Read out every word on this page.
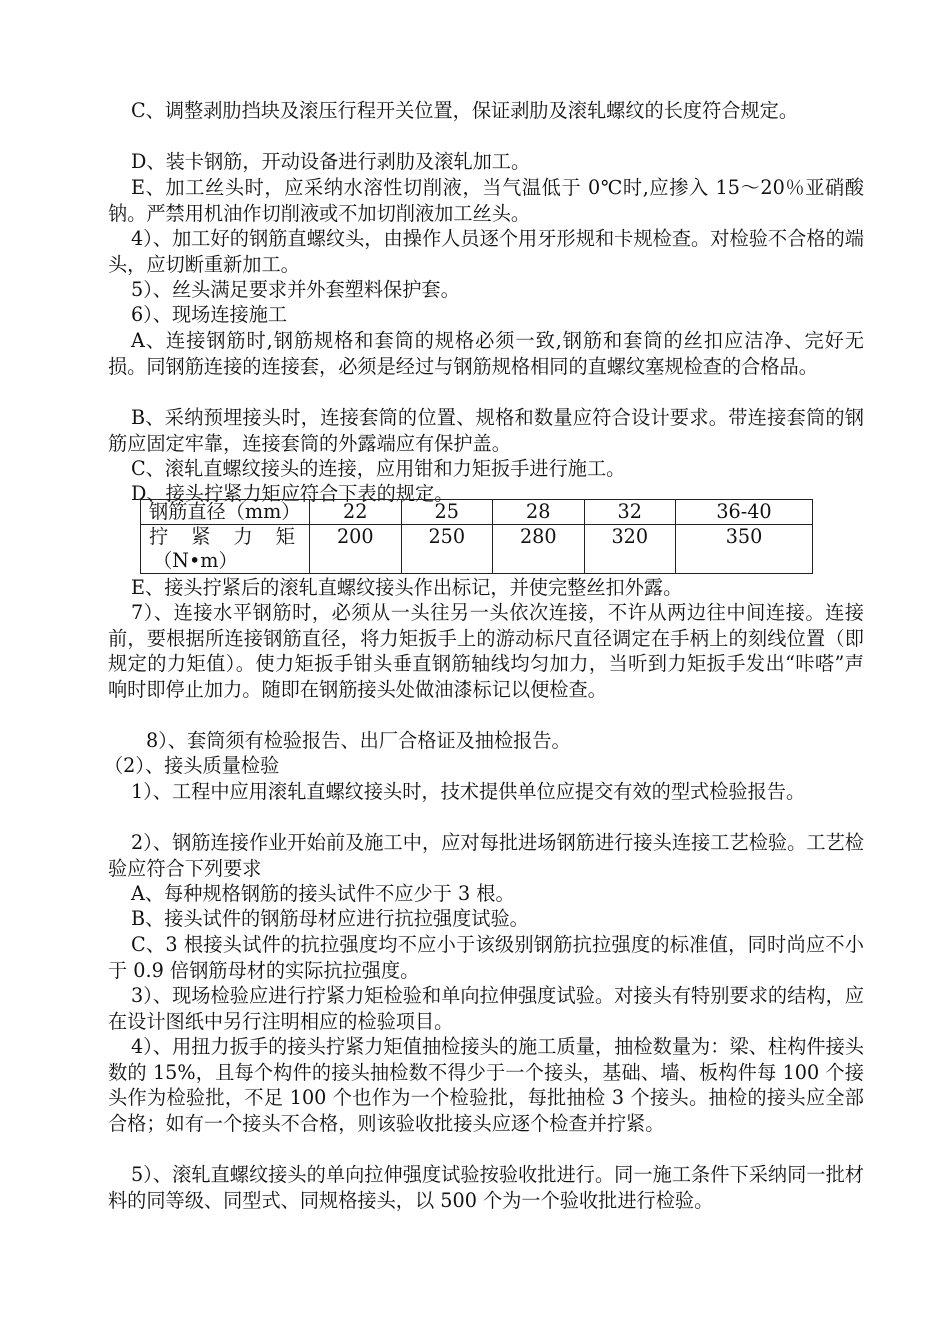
C、调整剥肋挡块及滚压行程开关位置，保证剥肋及滚轧螺纹的长度符合规定。
D、装卡钢筋，开动设备进行剥肋及滚轧加工。
E、加工丝头时，应采纳水溶性切削液，当气温低于 0℃时,应掺入 15～20％亚硝酸钠。严禁用机油作切削液或不加切削液加工丝头。
4）、加工好的钢筋直螺纹头，由操作人员逐个用牙形规和卡规检查。对检验不合格的端头，应切断重新加工。
5）、丝头满足要求并外套塑料保护套。
6）、现场连接施工
A、连接钢筋时,钢筋规格和套筒的规格必须一致,钢筋和套筒的丝扣应洁净、完好无损。同钢筋连接的连接套，必须是经过与钢筋规格相同的直螺纹塞规检查的合格品。
B、采纳预埋接头时，连接套筒的位置、规格和数量应符合设计要求。带连接套筒的钢筋应固定牢靠，连接套筒的外露端应有保护盖。
C、滚轧直螺纹接头的连接，应用钳和力矩扳手进行施工。
D、接头拧紧力矩应符合下表的规定。
钢筋直径（mm）	22	25	28	32	36-40

拧 紧 力 矩
（N•m）	200	250	280	320	350
E、接头拧紧后的滚轧直螺纹接头作出标记，并使完整丝扣外露。
7）、连接水平钢筋时，必须从一头往另一头依次连接，不许从两边往中间连接。连接前，要根据所连接钢筋直径，将力矩扳手上的游动标尺直径调定在手柄上的刻线位置（即规定的力矩值）。使力矩扳手钳头垂直钢筋轴线均匀加力，当听到力矩扳手发出“咔嗒”声响时即停止加力。随即在钢筋接头处做油漆标记以便检查。
8）、套筒须有检验报告、出厂合格证及抽检报告。
（2）、接头质量检验
1）、工程中应用滚轧直螺纹接头时，技术提供单位应提交有效的型式检验报告。
2）、钢筋连接作业开始前及施工中，应对每批进场钢筋进行接头连接工艺检验。工艺检验应符合下列要求
A、每种规格钢筋的接头试件不应少于 3 根。
B、接头试件的钢筋母材应进行抗拉强度试验。
C、3 根接头试件的抗拉强度均不应小于该级别钢筋抗拉强度的标准值，同时尚应不小于 0.9 倍钢筋母材的实际抗拉强度。
3）、现场检验应进行拧紧力矩检验和单向拉伸强度试验。对接头有特别要求的结构，应在设计图纸中另行注明相应的检验项目。
4）、用扭力扳手的接头拧紧力矩值抽检接头的施工质量，抽检数量为：梁、柱构件接头数的 15%，且每个构件的接头抽检数不得少于一个接头，基础、墙、板构件每 100 个接头作为检验批，不足 100 个也作为一个检验批，每批抽检 3 个接头。抽检的接头应全部合格；如有一个接头不合格，则该验收批接头应逐个检查并拧紧。
5）、滚轧直螺纹接头的单向拉伸强度试验按验收批进行。同一施工条件下采纳同一批材料的同等级、同型式、同规格接头，以 500 个为一个验收批进行检验。
